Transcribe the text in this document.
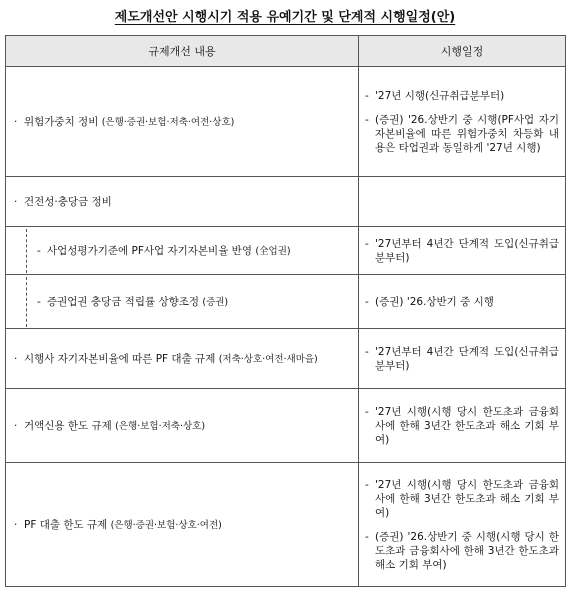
제도개선안 시행시기 적용 유예기간 및 단계적 시행일정(안)
규제개선 내용	시행일정
· 위험가중치 정비 (은행·증권·보험·저축·여전·상호)	- '27년 시행(신규취급분부터)
- (증권) '26.상반기 중 시행(PF사업 자기자본비율에 따른 위험가중치 차등화 내용은 타업권과 동일하게 '27년 시행)

· 건전성·충당금 정비	

- 사업성평가기준에 PF사업 자기자본비율 반영 (全업권)	- '27년부터 4년간 단계적 도입(신규취급분부터)

- 증권업권 충당금 적립률 상향조정 (증권)	- (증권) '26.상반기 중 시행

· 시행사 자기자본비율에 따른 PF 대출 규제 (저축·상호·여전·새마을)	- '27년부터 4년간 단계적 도입(신규취급분부터)

· 거액신용 한도 규제 (은행·보험·저축·상호)	- '27년 시행(시행 당시 한도초과 금융회사에 한해 3년간 한도초과 해소 기회 부여)

· PF 대출 한도 규제 (은행·증권·보험·상호·여전)	- '27년 시행(시행 당시 한도초과 금융회사에 한해 3년간 한도초과 해소 기회 부여)
- (증권) '26.상반기 중 시행(시행 당시 한도초과 금융회사에 한해 3년간 한도초과 해소 기회 부여)
